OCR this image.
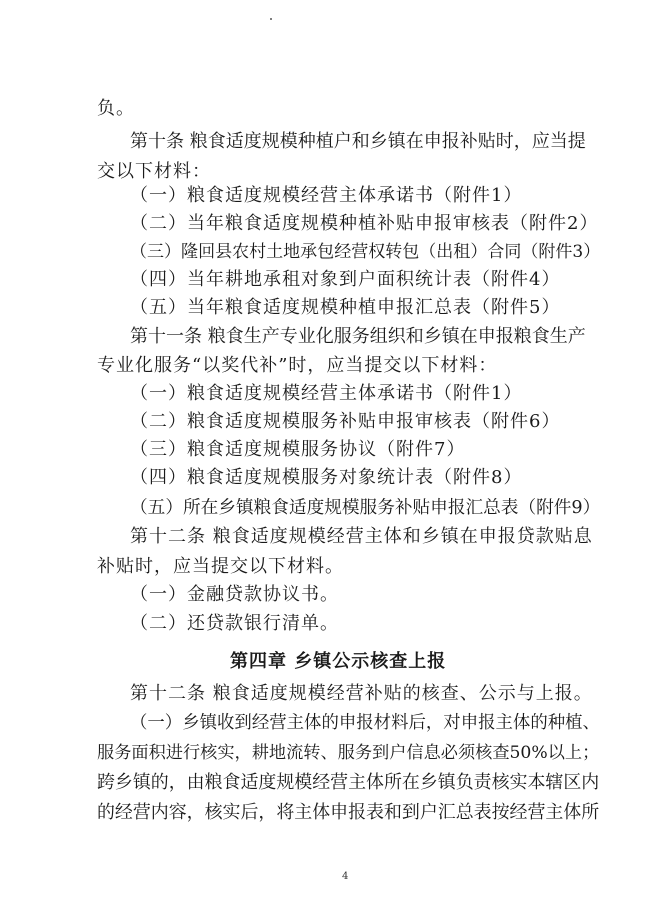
负。
第十条 粮食适度规模种植户和乡镇在申报补贴时，应当提
交以下材料：
（一）粮食适度规模经营主体承诺书（附件1）
（二）当年粮食适度规模种植补贴申报审核表（附件2）
（三）隆回县农村土地承包经营权转包（出租）合同（附件3）
（四）当年耕地承租对象到户面积统计表（附件4）
（五）当年粮食适度规模种植申报汇总表（附件5）
第十一条 粮食生产专业化服务组织和乡镇在申报粮食生产
专业化服务“以奖代补”时，应当提交以下材料：
（一）粮食适度规模经营主体承诺书（附件1）
（二）粮食适度规模服务补贴申报审核表（附件6）
（三）粮食适度规模服务协议（附件7）
（四）粮食适度规模服务对象统计表（附件8）
（五）所在乡镇粮食适度规模服务补贴申报汇总表（附件9）
第十二条 粮食适度规模经营主体和乡镇在申报贷款贴息
补贴时，应当提交以下材料。
（一）金融贷款协议书。
（二）还贷款银行清单。
第四章 乡镇公示核查上报
第十二条 粮食适度规模经营补贴的核查、公示与上报。
（一）乡镇收到经营主体的申报材料后，对申报主体的种植、
服务面积进行核实，耕地流转、服务到户信息必须核查50%以上；
跨乡镇的，由粮食适度规模经营主体所在乡镇负责核实本辖区内
的经营内容，核实后，将主体申报表和到户汇总表按经营主体所
4
